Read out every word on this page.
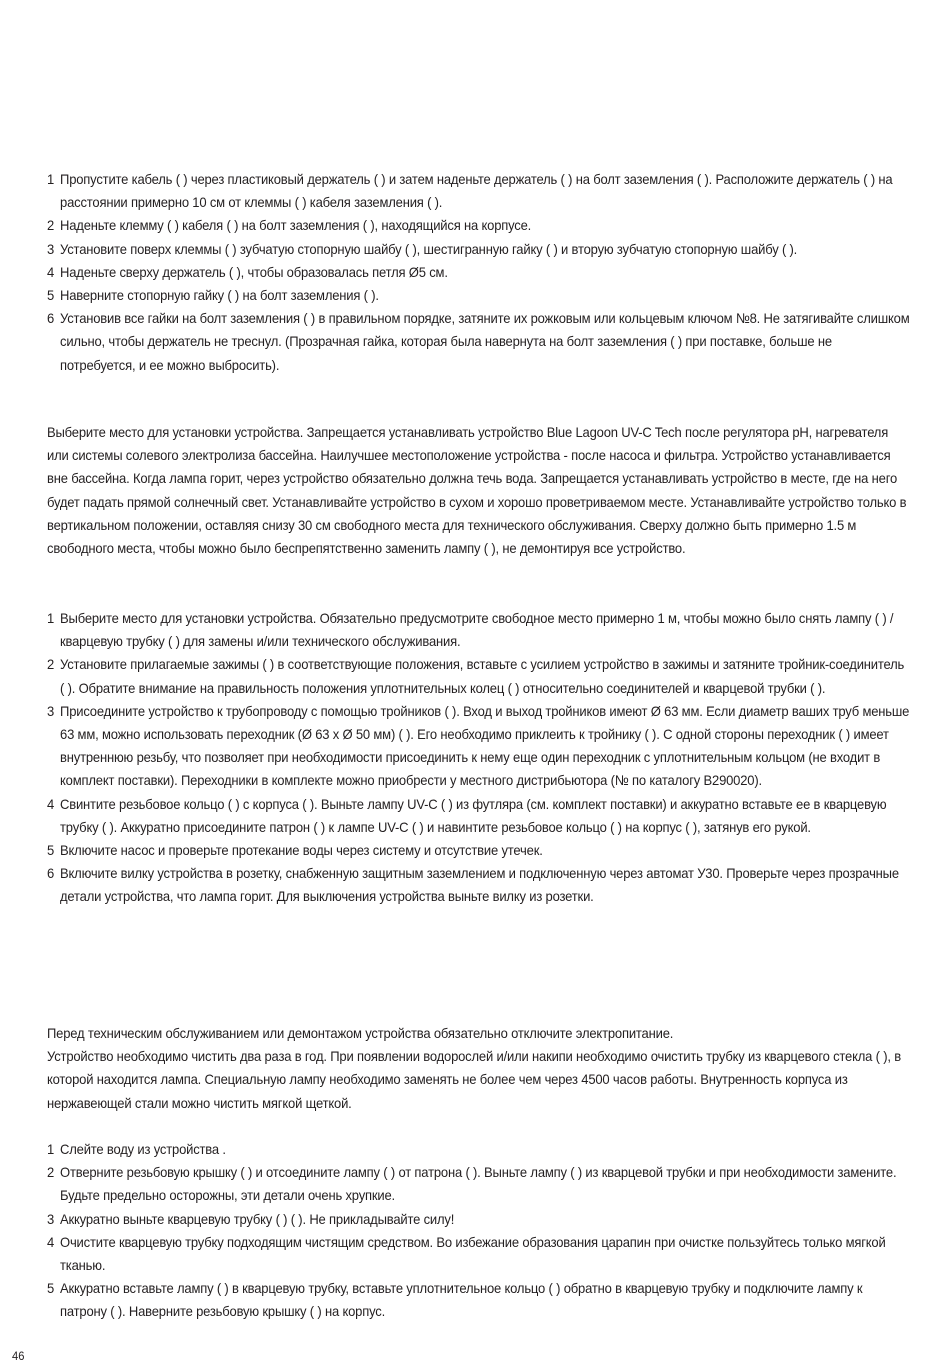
1 Пропустите кабель ( ) через пластиковый держатель ( ) и затем наденьте держатель ( ) на болт заземления ( ). Расположите держатель ( ) на расстоянии примерно 10 см от клеммы ( ) кабеля заземления ( ).
2 Наденьте клемму ( ) кабеля ( ) на болт заземления ( ), находящийся на корпусе.
3 Установите поверх клеммы ( ) зубчатую стопорную шайбу ( ), шестигранную гайку ( ) и вторую зубчатую стопорную шайбу ( ).
4 Наденьте сверху держатель ( ), чтобы образовалась петля Ø5 см.
5 Наверните стопорную гайку ( ) на болт заземления ( ).
6 Установив все гайки на болт заземления ( ) в правильном порядке, затяните их рожковым или кольцевым ключом №8. Не затягивайте слишком сильно, чтобы держатель не треснул. (Прозрачная гайка, которая была навернута на болт заземления ( ) при поставке, больше не потребуется, и ее можно выбросить).

Выберите место для установки устройства. Запрещается устанавливать устройство Blue Lagoon UV-C Tech после регулятора pH, нагревателя или системы солевого электролиза бассейна. Наилучшее местоположение устройства - после насоса и фильтра. Устройство устанавливается вне бассейна. Когда лампа горит, через устройство обязательно должна течь вода. Запрещается устанавливать устройство в месте, где на него будет падать прямой солнечный свет. Устанавливайте устройство в сухом и хорошо проветриваемом месте. Устанавливайте устройство только в вертикальном положении, оставляя снизу 30 см свободного места для технического обслуживания. Сверху должно быть примерно 1.5 м свободного места, чтобы можно было беспрепятственно заменить лампу ( ), не демонтируя все устройство.

1 Выберите место для установки устройства. Обязательно предусмотрите свободное место примерно 1 м, чтобы можно было снять лампу ( ) / кварцевую трубку ( ) для замены и/или технического обслуживания.
2 Установите прилагаемые зажимы ( ) в соответствующие положения, вставьте с усилием устройство в зажимы и затяните тройник-соединитель ( ). Обратите внимание на правильность положения уплотнительных колец ( ) относительно соединителей и кварцевой трубки ( ).
3 Присоедините устройство к трубопроводу с помощью тройников ( ). Вход и выход тройников имеют Ø 63 мм. Если диаметр ваших труб меньше 63 мм, можно использовать переходник (Ø 63 x Ø 50 мм) ( ). Его необходимо приклеить к тройнику ( ). С одной стороны переходник ( ) имеет внутреннюю резьбу, что позволяет при необходимости присоединить к нему еще один переходник с уплотнительным кольцом (не входит в комплект поставки). Переходники в комплекте можно приобрести у местного дистрибьютора (№ по каталогу B290020).
4 Свинтите резьбовое кольцо ( ) с корпуса ( ). Выньте лампу UV-C ( ) из футляра (см. комплект поставки) и аккуратно вставьте ее в кварцевую трубку ( ). Аккуратно присоедините патрон ( ) к лампе UV-C ( ) и навинтите резьбовое кольцо ( ) на корпус ( ), затянув его рукой.
5 Включите насос и проверьте протекание воды через систему и отсутствие утечек.
6 Включите вилку устройства в розетку, снабженную защитным заземлением и подключенную через автомат У30. Проверьте через прозрачные детали устройства, что лампа горит. Для выключения устройства выньте вилку из розетки.

Перед техническим обслуживанием или демонтажом устройства обязательно отключите электропитание.

Устройство необходимо чистить два раза в год. При появлении водорослей и/или накипи необходимо очистить трубку из кварцевого стекла ( ), в которой находится лампа. Специальную лампу необходимо заменять не более чем через 4500 часов работы. Внутренность корпуса из нержавеющей стали можно чистить мягкой щеткой.

1 Слейте воду из устройства .
2 Отверните резьбовую крышку ( ) и отсоедините лампу ( ) от патрона ( ). Выньте лампу ( ) из кварцевой трубки и при необходимости замените. Будьте предельно осторожны, эти детали очень хрупкие.
3 Аккуратно выньте кварцевую трубку ( ) ( ). Не прикладывайте силу!
4 Очистите кварцевую трубку подходящим чистящим средством. Во избежание образования царапин при очистке пользуйтесь только мягкой тканью.
5 Аккуратно вставьте лампу ( ) в кварцевую трубку, вставьте уплотнительное кольцо ( ) обратно в кварцевую трубку и подключите лампу к патрону ( ). Наверните резьбовую крышку ( ) на корпус.
46
